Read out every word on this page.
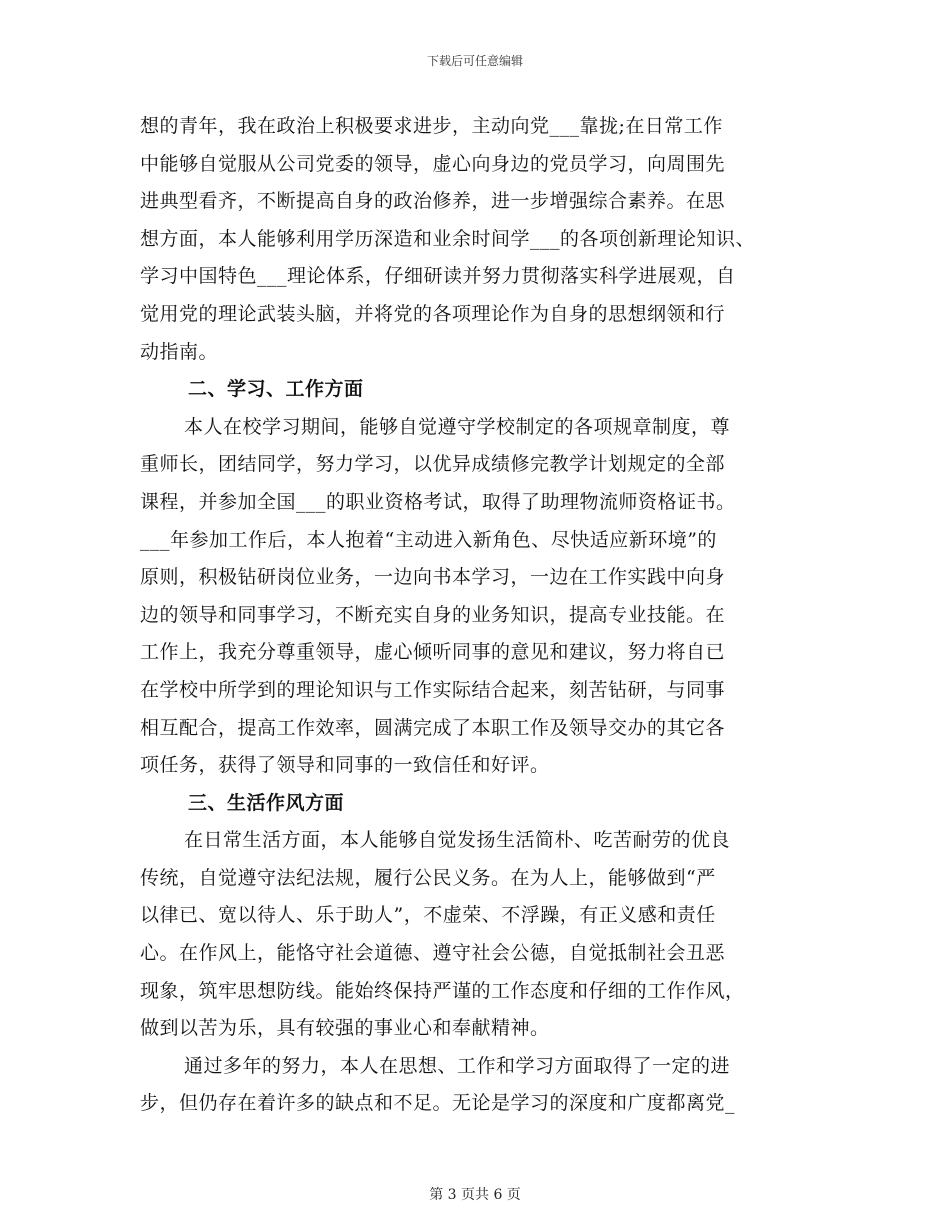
下载后可任意编辑
想的青年，我在政治上积极要求进步，主动向党___靠拢;在日常工作
中能够自觉服从公司党委的领导，虚心向身边的党员学习，向周围先
进典型看齐，不断提高自身的政治修养，进一步增强综合素养。在思
想方面，本人能够利用学历深造和业余时间学___的各项创新理论知识、
学习中国特色___理论体系，仔细研读并努力贯彻落实科学进展观，自
觉用党的理论武装头脑，并将党的各项理论作为自身的思想纲领和行
动指南。
二、学习、工作方面
本人在校学习期间，能够自觉遵守学校制定的各项规章制度，尊
重师长，团结同学，努力学习，以优异成绩修完教学计划规定的全部
课程，并参加全国___的职业资格考试，取得了助理物流师资格证书。
___年参加工作后，本人抱着“主动进入新角色、尽快适应新环境”的
原则，积极钻研岗位业务，一边向书本学习，一边在工作实践中向身
边的领导和同事学习，不断充实自身的业务知识，提高专业技能。在
工作上，我充分尊重领导，虚心倾听同事的意见和建议，努力将自已
在学校中所学到的理论知识与工作实际结合起来，刻苦钻研，与同事
相互配合，提高工作效率，圆满完成了本职工作及领导交办的其它各
项任务，获得了领导和同事的一致信任和好评。
三、生活作风方面
在日常生活方面，本人能够自觉发扬生活简朴、吃苦耐劳的优良
传统，自觉遵守法纪法规，履行公民义务。在为人上，能够做到“严
以律已、宽以待人、乐于助人”，不虚荣、不浮躁，有正义感和责任
心。在作风上，能恪守社会道德、遵守社会公德，自觉抵制社会丑恶
现象，筑牢思想防线。能始终保持严谨的工作态度和仔细的工作作风，
做到以苦为乐，具有较强的事业心和奉献精神。
通过多年的努力，本人在思想、工作和学习方面取得了一定的进
步，但仍存在着许多的缺点和不足。无论是学习的深度和广度都离党_
第 3 页共 6 页
